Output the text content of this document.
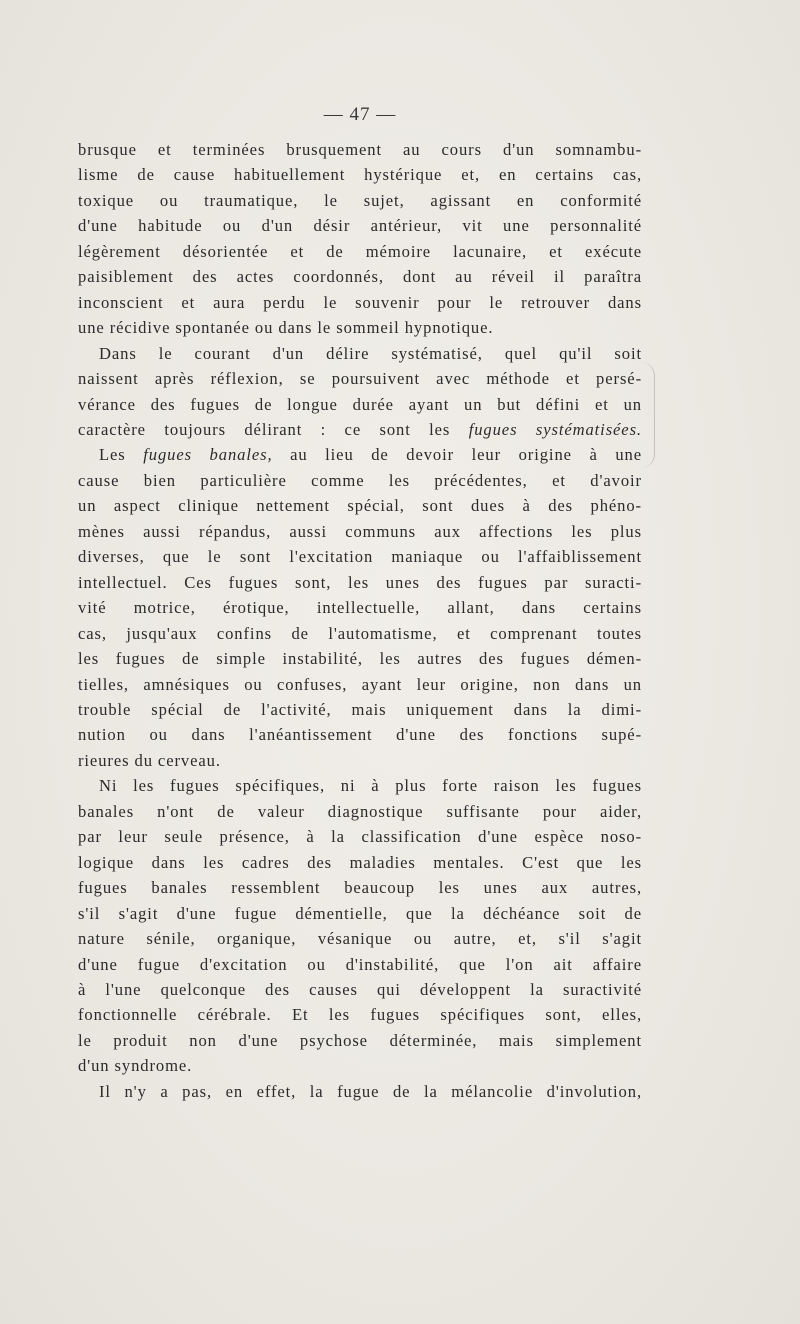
— 47 —
brusque et terminées brusquement au cours d'un somnambu-
lisme de cause habituellement hystérique et, en certains cas,
toxique ou traumatique, le sujet, agissant en conformité
d'une habitude ou d'un désir antérieur, vit une personnalité
légèrement désorientée et de mémoire lacunaire, et exécute
paisiblement des actes coordonnés, dont au réveil il paraîtra
inconscient et aura perdu le souvenir pour le retrouver dans
une récidive spontanée ou dans le sommeil hypnotique.
Dans le courant d'un délire systématisé, quel qu'il soit
naissent après réflexion, se poursuivent avec méthode et persé-
vérance des fugues de longue durée ayant un but défini et un
caractère toujours délirant : ce sont les fugues systématisées.
Les fugues banales, au lieu de devoir leur origine à une
cause bien particulière comme les précédentes, et d'avoir
un aspect clinique nettement spécial, sont dues à des phéno-
mènes aussi répandus, aussi communs aux affections les plus
diverses, que le sont l'excitation maniaque ou l'affaiblissement
intellectuel. Ces fugues sont, les unes des fugues par suracti-
vité motrice, érotique, intellectuelle, allant, dans certains
cas, jusqu'aux confins de l'automatisme, et comprenant toutes
les fugues de simple instabilité, les autres des fugues démen-
tielles, amnésiques ou confuses, ayant leur origine, non dans un
trouble spécial de l'activité, mais uniquement dans la dimi-
nution ou dans l'anéantissement d'une des fonctions supé-
rieures du cerveau.
Ni les fugues spécifiques, ni à plus forte raison les fugues
banales n'ont de valeur diagnostique suffisante pour aider,
par leur seule présence, à la classification d'une espèce noso-
logique dans les cadres des maladies mentales. C'est que les
fugues banales ressemblent beaucoup les unes aux autres,
s'il s'agit d'une fugue démentielle, que la déchéance soit de
nature sénile, organique, vésanique ou autre, et, s'il s'agit
d'une fugue d'excitation ou d'instabilité, que l'on ait affaire
à l'une quelconque des causes qui développent la suractivité
fonctionnelle cérébrale. Et les fugues spécifiques sont, elles,
le produit non d'une psychose déterminée, mais simplement
d'un syndrome.
Il n'y a pas, en effet, la fugue de la mélancolie d'involution,
